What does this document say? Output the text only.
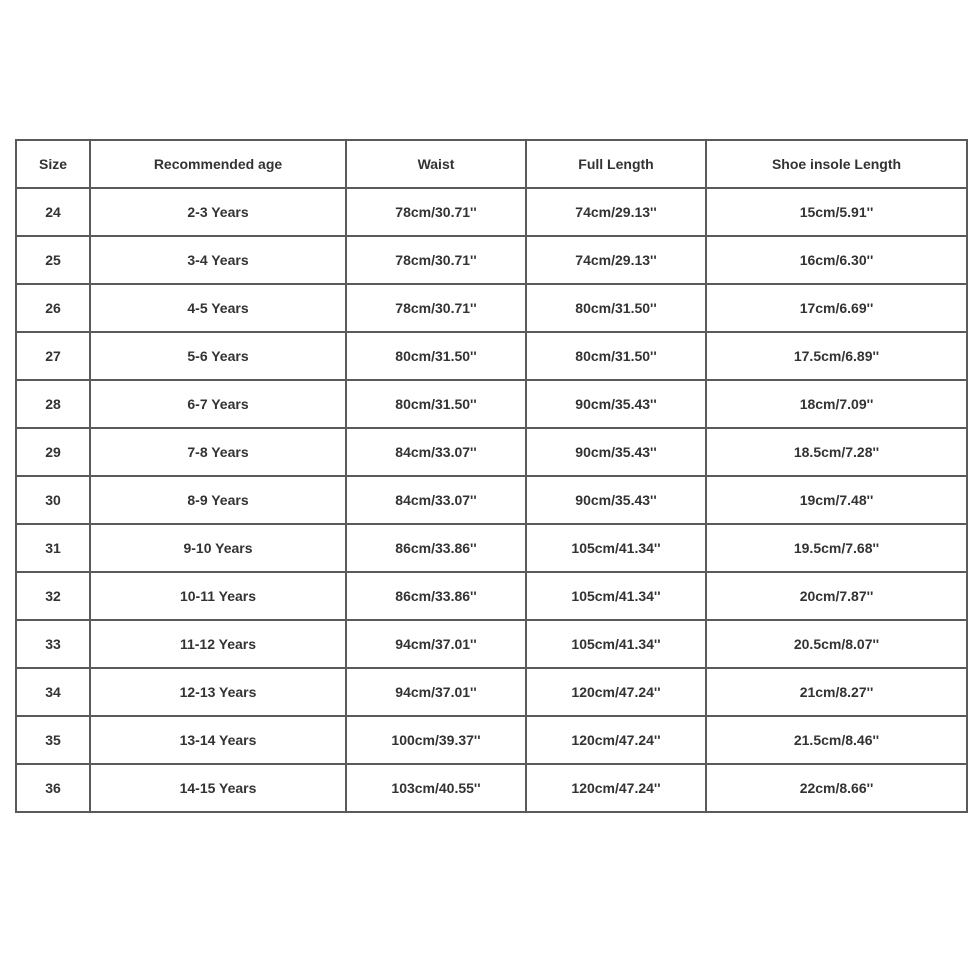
Size	Recommended age	Waist	Full Length	Shoe insole Length
24	2-3 Years	78cm/30.71''	74cm/29.13''	15cm/5.91''
25	3-4 Years	78cm/30.71''	74cm/29.13''	16cm/6.30''
26	4-5 Years	78cm/30.71''	80cm/31.50''	17cm/6.69''
27	5-6 Years	80cm/31.50''	80cm/31.50''	17.5cm/6.89''
28	6-7 Years	80cm/31.50''	90cm/35.43''	18cm/7.09''
29	7-8 Years	84cm/33.07''	90cm/35.43''	18.5cm/7.28''
30	8-9 Years	84cm/33.07''	90cm/35.43''	19cm/7.48''
31	9-10 Years	86cm/33.86''	105cm/41.34''	19.5cm/7.68''
32	10-11 Years	86cm/33.86''	105cm/41.34''	20cm/7.87''
33	11-12 Years	94cm/37.01''	105cm/41.34''	20.5cm/8.07''
34	12-13 Years	94cm/37.01''	120cm/47.24''	21cm/8.27''
35	13-14 Years	100cm/39.37''	120cm/47.24''	21.5cm/8.46''
36	14-15 Years	103cm/40.55''	120cm/47.24''	22cm/8.66''
